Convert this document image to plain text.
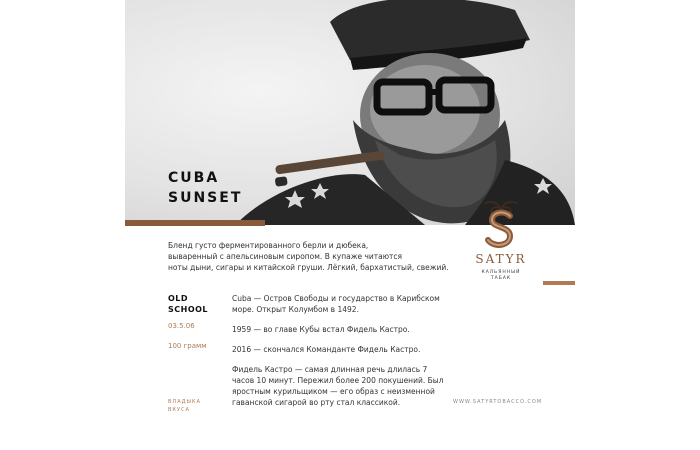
CUBA
SUNSET
Бленд густо ферментированного берли и дюбека,
вываренный с апельсиновым сиропом. В купаже читаются
ноты дыни, сигары и китайской груши. Лёгкий, бархатистый, свежий.
SATYR
КАЛЬЯННЫЙ
ТАБАК
OLD
SCHOOL
03.5.06
100 грамм
Cuba — Остров Свободы и государство в Карибском
море. Открыт Колумбом в 1492.
1959 — во главе Кубы встал Фидель Кастро.
2016 — скончался Команданте Фидель Кастро.
Фидель Кастро — самая длинная речь длилась 7
часов 10 минут. Пережил более 200 покушений. Был
яростным курильщиком — его образ с неизменной
гаванской сигарой во рту стал классикой.
ВЛАДЫКА
ВКУСА
WWW.SATYRTOBACCO.COM
